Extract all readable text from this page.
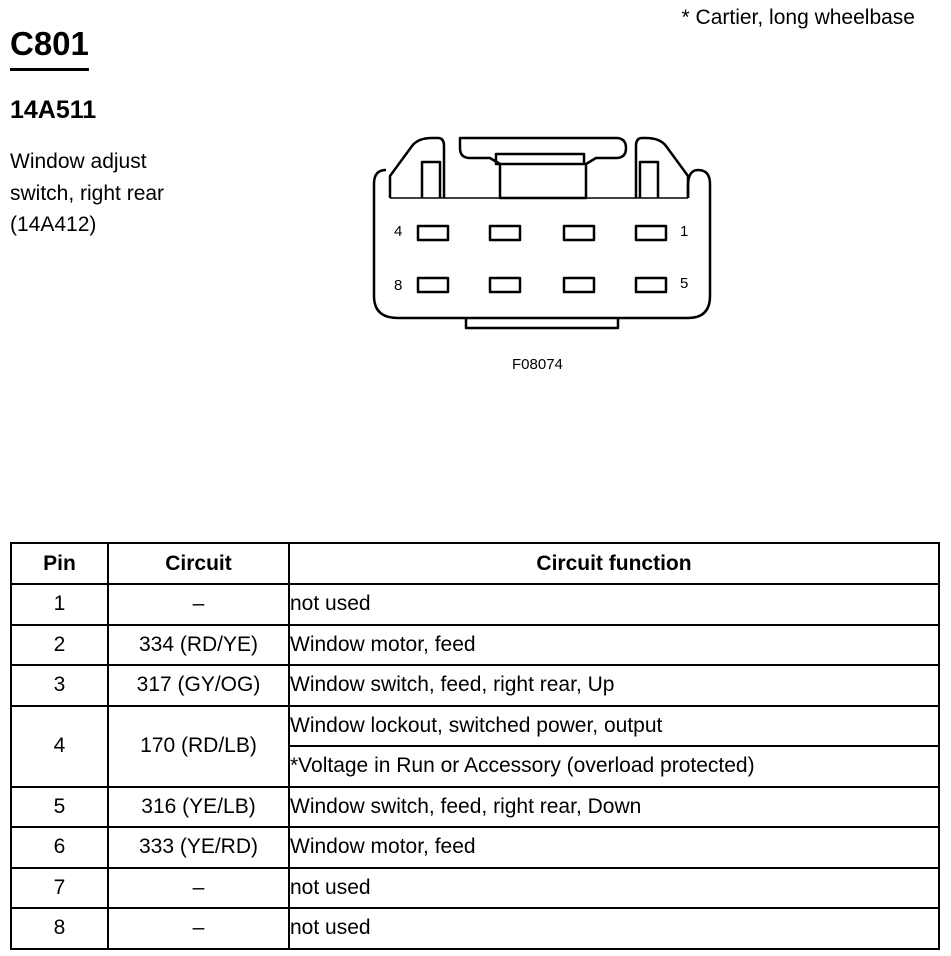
* Cartier, long wheelbase
C801
14A511
Window adjust switch, right rear (14A412)	4	1
8	5
F08074
Pin	Circuit	Circuit function
1	–	not used
2	334 (RD/YE)	Window motor, feed
3	317 (GY/OG)	Window switch, feed, right rear, Up
4	170 (RD/LB)	Window lockout, switched power, output
		*Voltage in Run or Accessory (overload protected)
5	316 (YE/LB)	Window switch, feed, right rear, Down
6	333 (YE/RD)	Window motor, feed
7	–	not used
8	–	not used
